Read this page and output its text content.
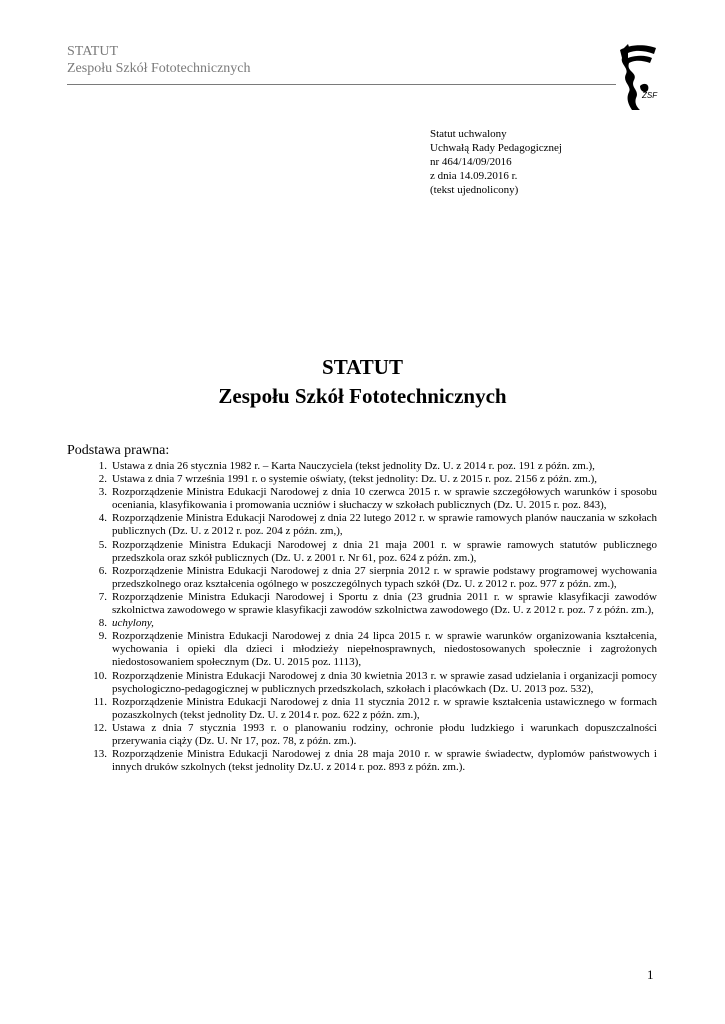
STATUT
Zespołu Szkół Fototechnicznych
ZSF
Statut uchwalony
Uchwałą Rady Pedagogicznej
nr 464/14/09/2016
z dnia 14.09.2016 r.
(tekst ujednolicony)
STATUT
Zespołu Szkół Fototechnicznych
Podstawa prawna:
1. Ustawa z dnia 26 stycznia 1982 r. – Karta Nauczyciela (tekst jednolity Dz. U. z 2014 r. poz. 191 z późn. zm.),
2. Ustawa z dnia 7 września 1991 r. o systemie oświaty, (tekst jednolity: Dz. U. z 2015 r. poz. 2156 z późn. zm.),
3. Rozporządzenie Ministra Edukacji Narodowej z dnia 10 czerwca 2015 r. w sprawie szczegółowych warunków i sposobu oceniania, klasyfikowania i promowania uczniów i słuchaczy w szkołach publicznych (Dz. U. 2015 r. poz. 843),
4. Rozporządzenie Ministra Edukacji Narodowej z dnia 22 lutego 2012 r. w sprawie ramowych planów nauczania w szkołach publicznych (Dz. U. z 2012 r. poz. 204 z późn. zm,),
5. Rozporządzenie Ministra Edukacji Narodowej z dnia 21 maja 2001 r. w sprawie ramowych statutów publicznego przedszkola oraz szkół publicznych (Dz. U. z 2001 r. Nr 61, poz. 624 z późn. zm.),
6. Rozporządzenie Ministra Edukacji Narodowej z dnia 27 sierpnia 2012 r. w sprawie podstawy programowej wychowania przedszkolnego oraz kształcenia ogólnego w poszczególnych typach szkół (Dz. U. z 2012 r. poz. 977 z późn. zm.),
7. Rozporządzenie Ministra Edukacji Narodowej i Sportu z dnia (23 grudnia 2011 r. w sprawie klasyfikacji zawodów szkolnictwa zawodowego w sprawie klasyfikacji zawodów szkolnictwa zawodowego (Dz. U. z 2012 r. poz. 7 z późn. zm.),
8. uchylony,
9. Rozporządzenie Ministra Edukacji Narodowej z dnia 24 lipca 2015 r. w sprawie warunków organizowania kształcenia, wychowania i opieki dla dzieci i młodzieży niepełnosprawnych, niedostosowanych społecznie i zagrożonych niedostosowaniem społecznym (Dz. U. 2015 poz. 1113),
10. Rozporządzenie Ministra Edukacji Narodowej z dnia 30 kwietnia 2013 r. w sprawie zasad udzielania i organizacji pomocy psychologiczno-pedagogicznej w publicznych przedszkolach, szkołach i placówkach (Dz. U. 2013 poz. 532),
11. Rozporządzenie Ministra Edukacji Narodowej z dnia 11 stycznia 2012 r. w sprawie kształcenia ustawicznego w formach pozaszkolnych (tekst jednolity Dz. U. z 2014 r. poz. 622 z późn. zm.),
12. Ustawa z dnia 7 stycznia 1993 r. o planowaniu rodziny, ochronie płodu ludzkiego i warunkach dopuszczalności przerywania ciąży (Dz. U. Nr 17, poz. 78, z późn. zm.).
13. Rozporządzenie Ministra Edukacji Narodowej z dnia 28 maja 2010 r. w sprawie świadectw, dyplomów państwowych i innych druków szkolnych (tekst jednolity Dz.U. z 2014 r. poz. 893 z późn. zm.).
1
